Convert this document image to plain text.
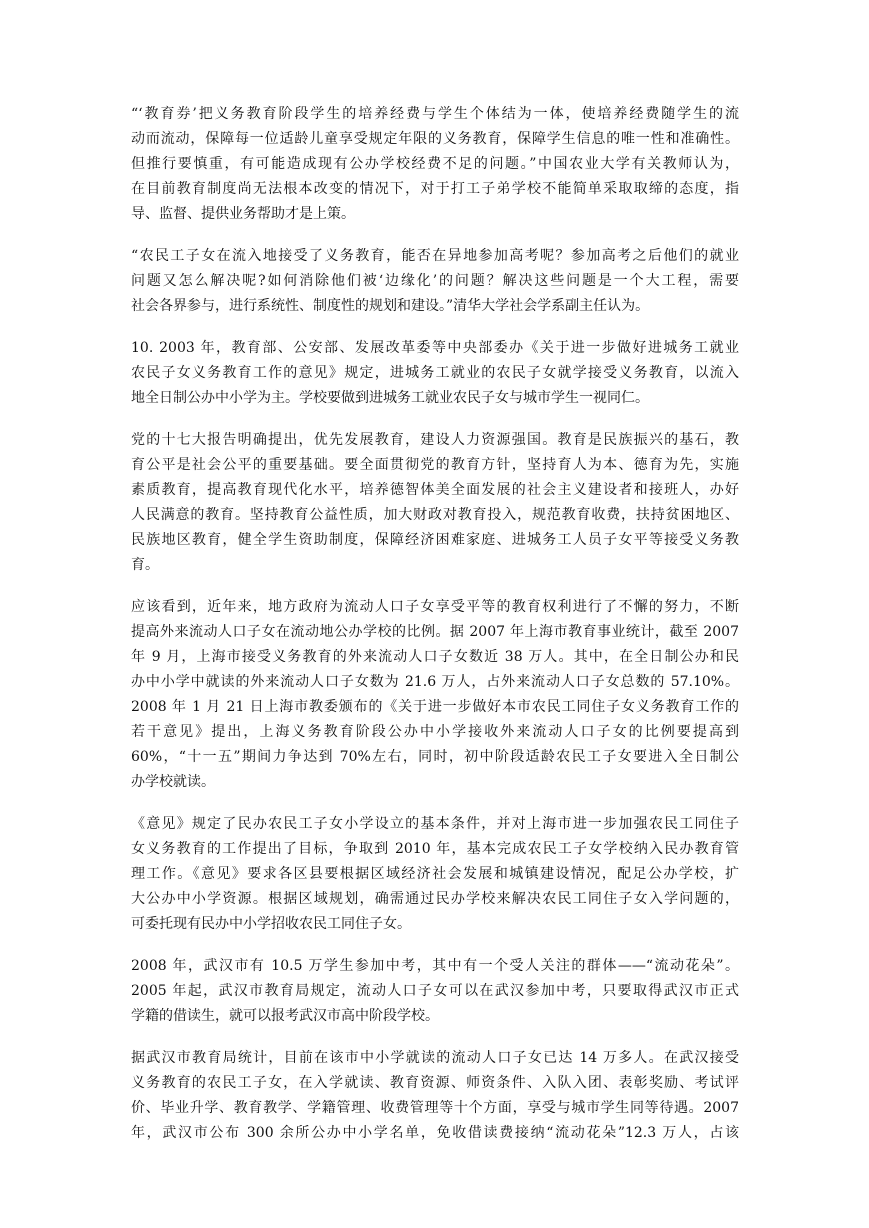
“‘教育券’把义务教育阶段学生的培养经费与学生个体结为一体，使培养经费随学生的流
动而流动，保障每一位适龄儿童享受规定年限的义务教育，保障学生信息的唯一性和准确性。
但推行要慎重，有可能造成现有公办学校经费不足的问题。”中国农业大学有关教师认为，
在目前教育制度尚无法根本改变的情况下，对于打工子弟学校不能简单采取取缔的态度，指
导、监督、提供业务帮助才是上策。
“农民工子女在流入地接受了义务教育，能否在异地参加高考呢？参加高考之后他们的就业
问题又怎么解决呢?如何消除他们被‘边缘化’的问题？解决这些问题是一个大工程，需要
社会各界参与，进行系统性、制度性的规划和建设。”清华大学社会学系副主任认为。
10. 2003 年，教育部、公安部、发展改革委等中央部委办《关于进一步做好进城务工就业
农民子女义务教育工作的意见》规定，进城务工就业的农民子女就学接受义务教育，以流入
地全日制公办中小学为主。学校要做到进城务工就业农民子女与城市学生一视同仁。
党的十七大报告明确提出，优先发展教育，建设人力资源强国。教育是民族振兴的基石，教
育公平是社会公平的重要基础。要全面贯彻党的教育方针，坚持育人为本、德育为先，实施
素质教育，提高教育现代化水平，培养德智体美全面发展的社会主义建设者和接班人，办好
人民满意的教育。坚持教育公益性质，加大财政对教育投入，规范教育收费，扶持贫困地区、
民族地区教育，健全学生资助制度，保障经济困难家庭、进城务工人员子女平等接受义务教
育。
应该看到，近年来，地方政府为流动人口子女享受平等的教育权利进行了不懈的努力，不断
提高外来流动人口子女在流动地公办学校的比例。据 2007 年上海市教育事业统计，截至 2007
年 9 月，上海市接受义务教育的外来流动人口子女数近 38 万人。其中，在全日制公办和民
办中小学中就读的外来流动人口子女数为 21.6 万人，占外来流动人口子女总数的 57.10%。
2008 年 1 月 21 日上海市教委颁布的《关于进一步做好本市农民工同住子女义务教育工作的
若干意见》提出，上海义务教育阶段公办中小学接收外来流动人口子女的比例要提高到
60%，“十一五”期间力争达到 70%左右，同时，初中阶段适龄农民工子女要进入全日制公
办学校就读。
《意见》规定了民办农民工子女小学设立的基本条件，并对上海市进一步加强农民工同住子
女义务教育的工作提出了目标，争取到 2010 年，基本完成农民工子女学校纳入民办教育管
理工作。《意见》要求各区县要根据区域经济社会发展和城镇建设情况，配足公办学校，扩
大公办中小学资源。根据区域规划，确需通过民办学校来解决农民工同住子女入学问题的，
可委托现有民办中小学招收农民工同住子女。
2008 年，武汉市有 10.5 万学生参加中考，其中有一个受人关注的群体——“流动花朵”。
2005 年起，武汉市教育局规定，流动人口子女可以在武汉参加中考，只要取得武汉市正式
学籍的借读生，就可以报考武汉市高中阶段学校。
据武汉市教育局统计，目前在该市中小学就读的流动人口子女已达 14 万多人。在武汉接受
义务教育的农民工子女，在入学就读、教育资源、师资条件、入队入团、表彰奖励、考试评
价、毕业升学、教育教学、学籍管理、收费管理等十个方面，享受与城市学生同等待遇。2007
年，武汉市公布 300 余所公办中小学名单，免收借读费接纳“流动花朵”12.3 万人，占该
